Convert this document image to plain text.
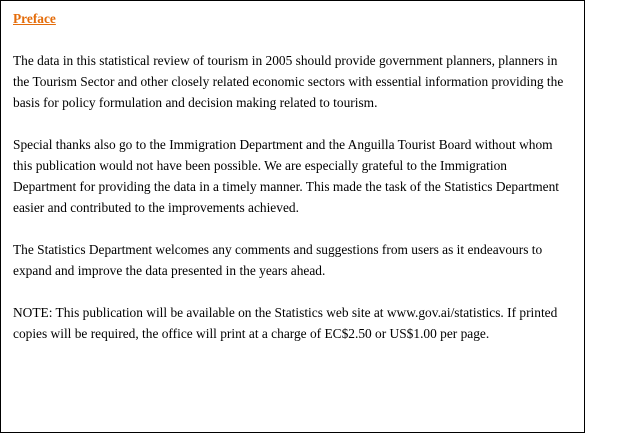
Preface

The data in this statistical review of tourism in 2005 should provide government planners, planners in the Tourism Sector and other closely related economic sectors with essential information providing the basis for policy formulation and decision making related to tourism.

Special thanks also go to the Immigration Department and the Anguilla Tourist Board without whom this publication would not have been possible. We are especially grateful to the Immigration Department for providing the data in a timely manner. This made the task of the Statistics Department easier and contributed to the improvements achieved.

The Statistics Department welcomes any comments and suggestions from users as it endeavours to expand and improve the data presented in the years ahead.

NOTE: This publication will be available on the Statistics web site at www.gov.ai/statistics. If printed copies will be required, the office will print at a charge of EC$2.50 or US$1.00 per page.
